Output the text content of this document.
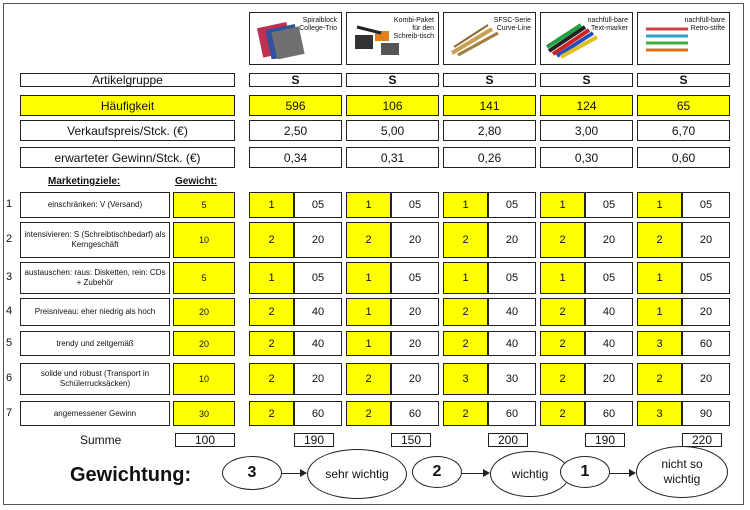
Spiralblock College-Trio
Kombi-Paket für den Schreib-tisch
SFSC-Serie Curve-Line
nachfüll-bare Text-marker
nachfüll-bare Retro-stifte
Artikelgruppe	S	S	S	S	S
Häufigkeit	596	106	141	124	65
Verkaufspreis/Stck. (€)	2,50	5,00	2,80	3,00	6,70
erwarteter Gewinn/Stck. (€)	0,34	0,31	0,26	0,30	0,60
Marketingziele:	Gewicht:
1	einschränken: V (Versand)	5	1	05	1	05	1	05	1	05	1	05
2	intensivieren: S (Schreibtischbedarf) als Kerngeschäft	10	2	20	2	20	2	20	2	20	2	20
3	austauschen: raus: Disketten, rein: CDs + Zubehör	5	1	05	1	05	1	05	1	05	1	05
4	Preisniveau: eher niedrig als hoch	20	2	40	1	20	2	40	2	40	1	20
5	trendy und zeitgemäß	20	2	40	1	20	2	40	2	40	3	60
6	solide und robust (Transport in Schülerrucksäcken)	10	2	20	2	20	3	30	2	20	2	20
7	angemessener Gewinn	30	2	60	2	60	2	60	2	60	3	90
Summe	100	190	150	200	190	220
Gewichtung:	3	sehr wichtig	2	wichtig	1	nicht so wichtig
